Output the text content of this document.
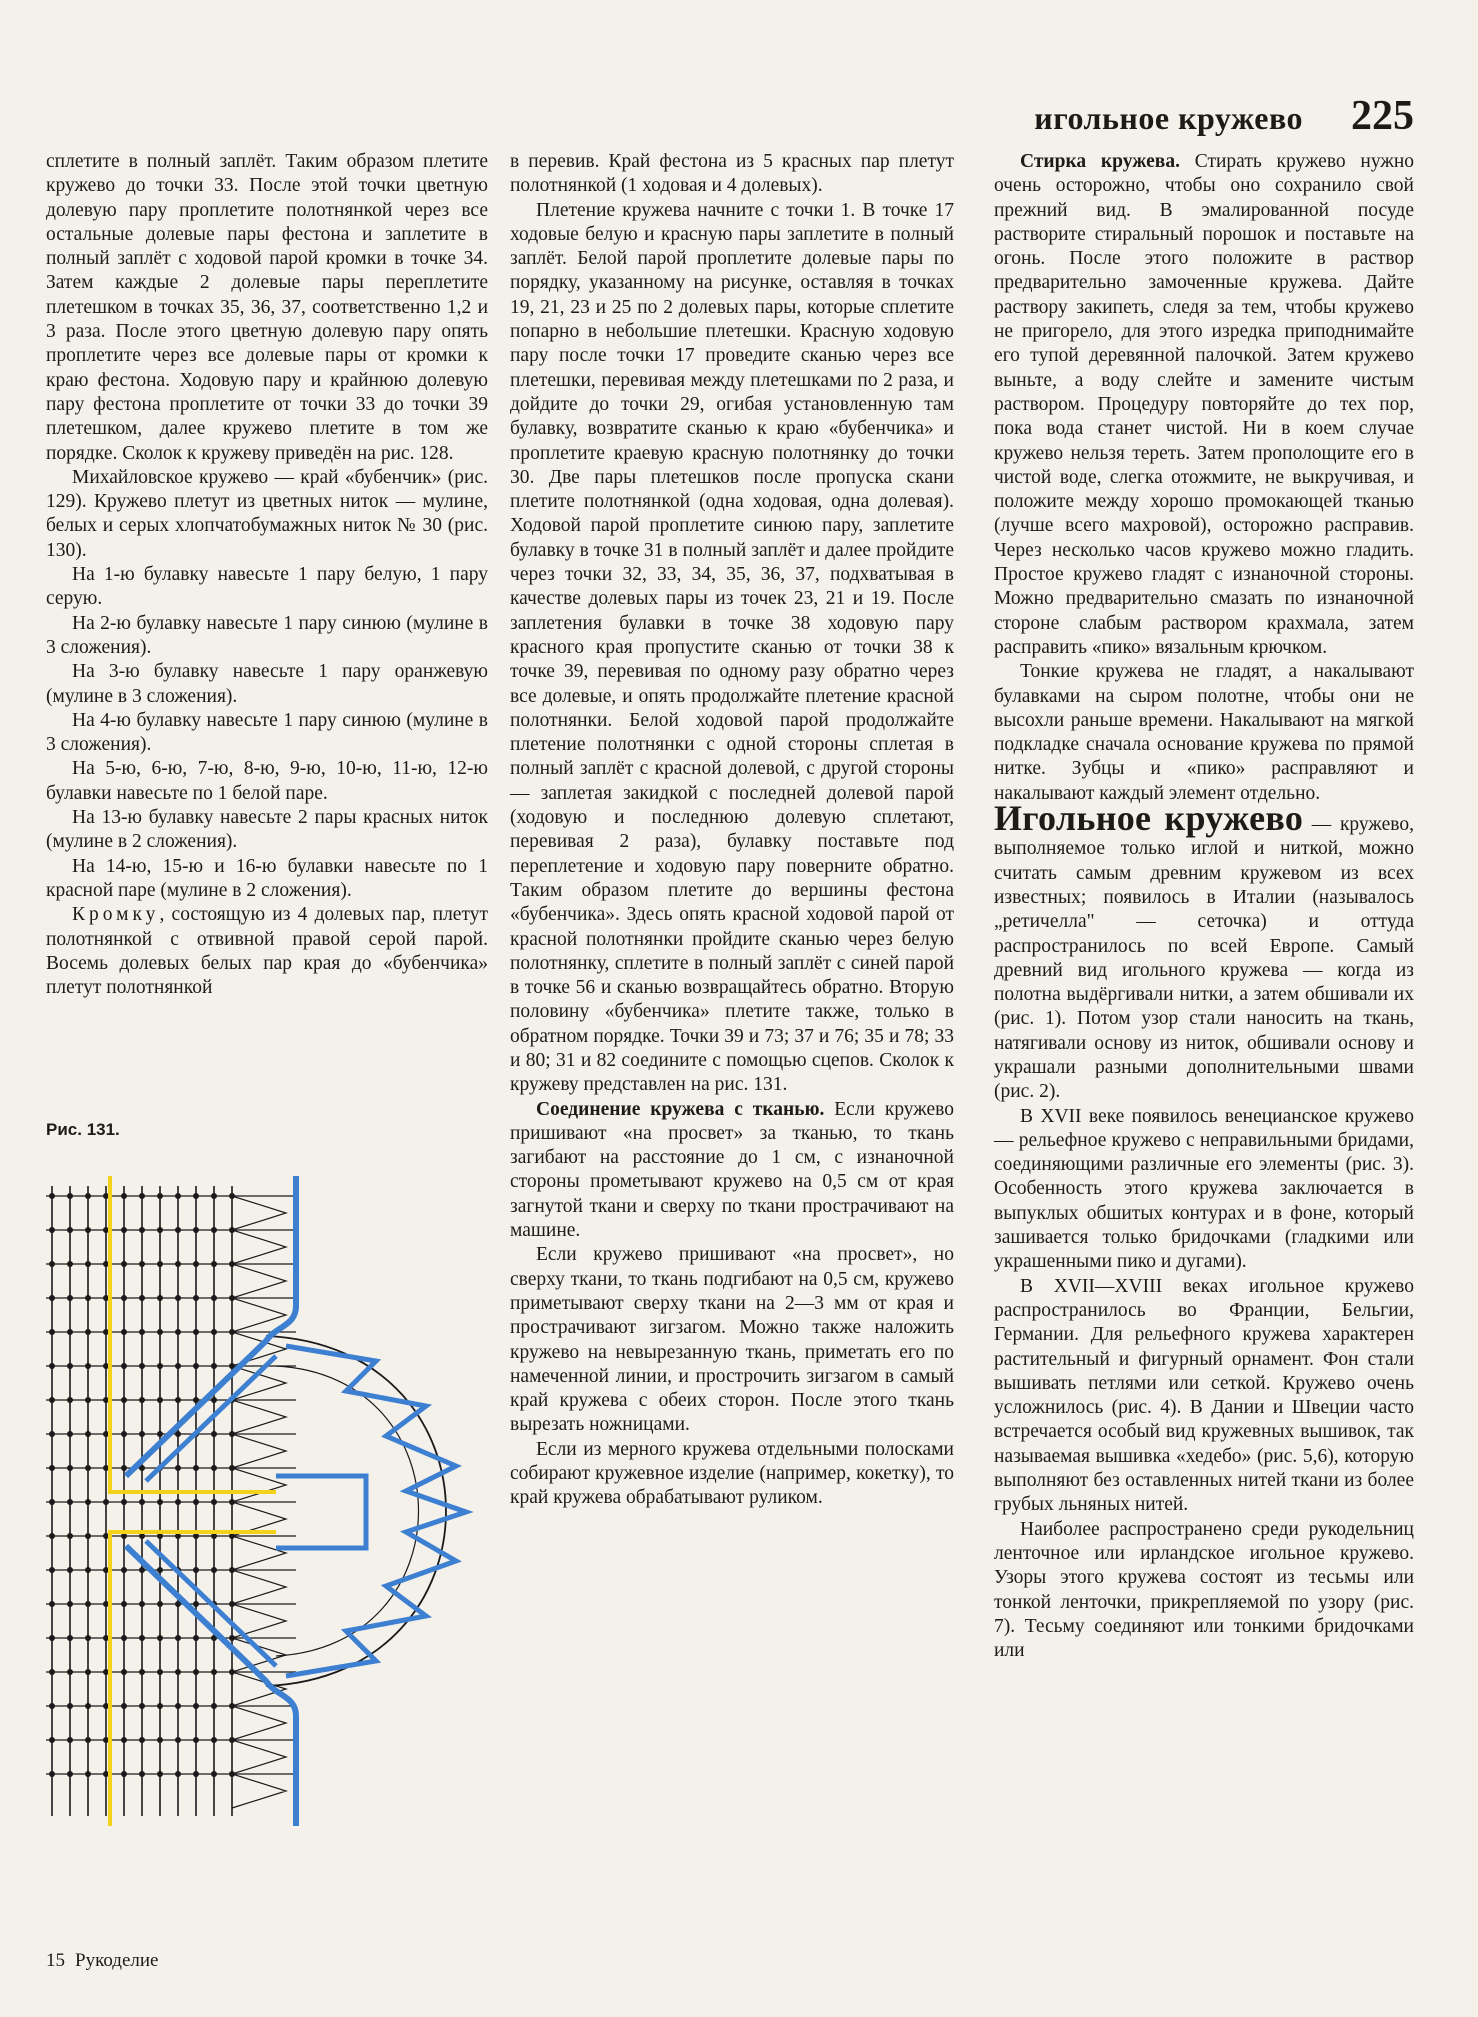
игольное кружево 225

сплетите в полный заплёт. Таким образом плетите кружево до точки 33. После этой точки цветную долевую пару проплетите полотнянкой через все остальные долевые пары фестона и заплетите в полный заплёт с ходовой парой кромки в точке 34. Затем каждые 2 долевые пары переплетите плетешком в точках 35, 36, 37, соответственно 1,2 и 3 раза. После этого цветную долевую пару опять проплетите через все долевые пары от кромки к краю фестона. Ходовую пару и крайнюю долевую пару фестона проплетите от точки 33 до точки 39 плетешком, далее кружево плетите в том же порядке. Сколок к кружеву приведён на рис. 128.

Михайловское кружево — край «бубенчик» (рис. 129). Кружево плетут из цветных ниток — мулине, белых и серых хлопчатобумажных ниток № 30 (рис. 130).

На 1-ю булавку навесьте 1 пару белую, 1 пару серую.

На 2-ю булавку навесьте 1 пару синюю (мулине в 3 сложения).

На 3-ю булавку навесьте 1 пару оранжевую (мулине в 3 сложения).

На 4-ю булавку навесьте 1 пару синюю (мулине в 3 сложения).

На 5-ю, 6-ю, 7-ю, 8-ю, 9-ю, 10-ю, 11-ю, 12-ю булавки навесьте по 1 белой паре.

На 13-ю булавку навесьте 2 пары красных ниток (мулине в 2 сложения).

На 14-ю, 15-ю и 16-ю булавки навесьте по 1 красной паре (мулине в 2 сложения).

Кромку, состоящую из 4 долевых пар, плетут полотнянкой с отвивной правой серой парой. Восемь долевых белых пар края до «бубенчика» плетут полотнянкой

Рис. 131.

в перевив. Край фестона из 5 красных пар плетут полотнянкой (1 ходовая и 4 долевых).

Плетение кружева начните с точки 1. В точке 17 ходовые белую и красную пары заплетите в полный заплёт. Белой парой проплетите долевые пары по порядку, указанному на рисунке, оставляя в точках 19, 21, 23 и 25 по 2 долевых пары, которые сплетите попарно в небольшие плетешки. Красную ходовую пару после точки 17 проведите сканью через все плетешки, перевивая между плетешками по 2 раза, и дойдите до точки 29, огибая установленную там булавку, возвратите сканью к краю «бубенчика» и проплетите краевую красную полотнянку до точки 30. Две пары плетешков после пропуска скани плетите полотнянкой (одна ходовая, одна долевая). Ходовой парой проплетите синюю пару, заплетите булавку в точке 31 в полный заплёт и далее пройдите через точки 32, 33, 34, 35, 36, 37, подхватывая в качестве долевых пары из точек 23, 21 и 19. После заплетения булавки в точке 38 ходовую пару красного края пропустите сканью от точки 38 к точке 39, перевивая по одному разу обратно через все долевые, и опять продолжайте плетение красной полотнянки. Белой ходовой парой продолжайте плетение полотнянки с одной стороны сплетая в полный заплёт с красной долевой, с другой стороны — заплетая закидкой с последней долевой парой (ходовую и последнюю долевую сплетают, перевивая 2 раза), булавку поставьте под переплетение и ходовую пару поверните обратно. Таким образом плетите до вершины фестона «бубенчика». Здесь опять красной ходовой парой от красной полотнянки пройдите сканью через белую полотнянку, сплетите в полный заплёт с синей парой в точке 56 и сканью возвращайтесь обратно. Вторую половину «бубенчика» плетите также, только в обратном порядке. Точки 39 и 73; 37 и 76; 35 и 78; 33 и 80; 31 и 82 соедините с помощью сцепов. Сколок к кружеву представлен на рис. 131.

Соединение кружева с тканью. Если кружево пришивают «на просвет» за тканью, то ткань загибают на расстояние до 1 см, с изнаночной стороны прометывают кружево на 0,5 см от края загнутой ткани и сверху по ткани прострачивают на машине.

Если кружево пришивают «на просвет», но сверху ткани, то ткань подгибают на 0,5 см, кружево приметывают сверху ткани на 2—3 мм от края и прострачивают зигзагом. Можно также наложить кружево на невырезанную ткань, приметать его по намеченной линии, и прострочить зигзагом в самый край кружева с обеих сторон. После этого ткань вырезать ножницами.

Если из мерного кружева отдельными полосками собирают кружевное изделие (например, кокетку), то край кружева обрабатывают руликом.

Стирка кружева. Стирать кружево нужно очень осторожно, чтобы оно сохранило свой прежний вид. В эмалированной посуде растворите стиральный порошок и поставьте на огонь. После этого положите в раствор предварительно замоченные кружева. Дайте раствору закипеть, следя за тем, чтобы кружево не пригорело, для этого изредка приподнимайте его тупой деревянной палочкой. Затем кружево выньте, а воду слейте и замените чистым раствором. Процедуру повторяйте до тех пор, пока вода станет чистой. Ни в коем случае кружево нельзя тереть. Затем прополощите его в чистой воде, слегка отожмите, не выкручивая, и положите между хорошо промокающей тканью (лучше всего махровой), осторожно расправив. Через несколько часов кружево можно гладить. Простое кружево гладят с изнаночной стороны. Можно предварительно смазать по изнаночной стороне слабым раствором крахмала, затем расправить «пико» вязальным крючком.

Тонкие кружева не гладят, а накалывают булавками на сыром полотне, чтобы они не высохли раньше времени. Накалывают на мягкой подкладке сначала основание кружева по прямой нитке. Зубцы и «пико» расправляют и накалывают каждый элемент отдельно.

Игольное кружево — кружево, выполняемое только иглой и ниткой, можно считать самым древним кружевом из всех известных; появилось в Италии (называлось „ретичелла" — сеточка) и оттуда распространилось по всей Европе. Самый древний вид игольного кружева — когда из полотна выдёргивали нитки, а затем обшивали их (рис. 1). Потом узор стали наносить на ткань, натягивали основу из ниток, обшивали основу и украшали разными дополнительными швами (рис. 2).

В XVII веке появилось венецианское кружево — рельефное кружево с неправильными бридами, соединяющими различные его элементы (рис. 3). Особенность этого кружева заключается в выпуклых обшитых контурах и в фоне, который зашивается только бридочками (гладкими или украшенными пико и дугами).

В XVII—XVIII веках игольное кружево распространилось во Франции, Бельгии, Германии. Для рельефного кружева характерен растительный и фигурный орнамент. Фон стали вышивать петлями или сеткой. Кружево очень усложнилось (рис. 4). В Дании и Швеции часто встречается особый вид кружевных вышивок, так называемая вышивка «хедебо» (рис. 5,6), которую выполняют без оставленных нитей ткани из более грубых льняных нитей.

Наиболее распространено среди рукодельниц ленточное или ирландское игольное кружево. Узоры этого кружева состоят из тесьмы или тонкой ленточки, прикрепляемой по узору (рис. 7). Тесьму соединяют или тонкими бридочками или

15 Рукоделие
